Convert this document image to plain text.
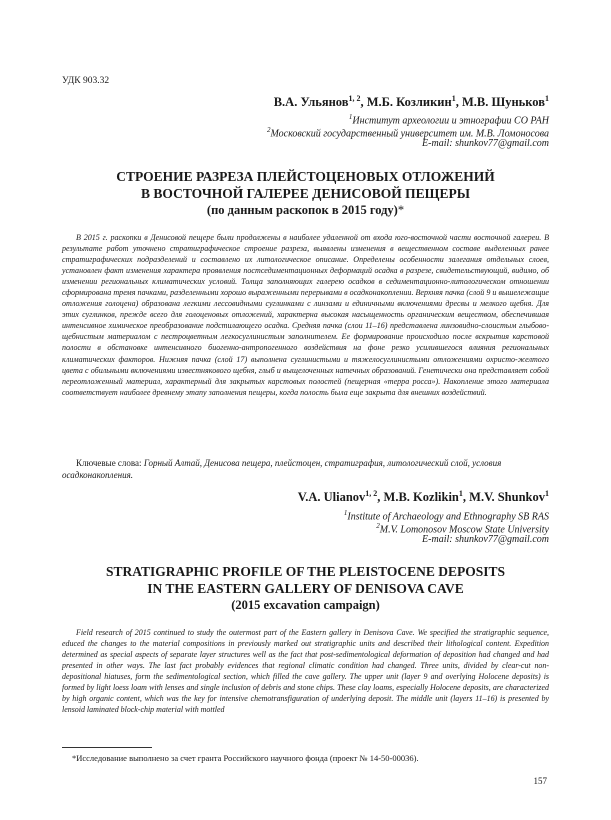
УДК 903.32
В.А. Ульянов$^{1, 2}$, М.Б. Козликин$^1$, М.В. Шуньков$^1$
$^1$Институт археологии и этнографии СО РАН
$^2$Московский государственный университет им. М.В. Ломоносова
E-mail: shunkov77@gmail.com
СТРОЕНИЕ РАЗРЕЗА ПЛЕЙСТОЦЕНОВЫХ ОТЛОЖЕНИЙ
В ВОСТОЧНОЙ ГАЛЕРЕЕ ДЕНИСОВОЙ ПЕЩЕРЫ
(по данным раскопок в 2015 году)*
В 2015 г. раскопки в Денисовой пещере были продолжены в наиболее удаленной от входа юго-восточной части восточной галереи. В результате работ уточнено стратиграфическое строение разреза, выявлены изменения в вещественном составе выделенных ранее стратиграфических подразделений и составлено их литологическое описание. Определены особенности залегания отдельных слоев, установлен факт изменения характера проявления постседиментационных деформаций осадка в разрезе, свидетельствующий, видимо, об изменении региональных климатических условий. Толща заполняющих галерею осадков в седиментационно-литологическом отношении сформирована тремя пачками, разделенными хорошо выраженными перерывами в осадконакоплении. Верхняя пачка (слой 9 и вышележащие отложения голоцена) образована легкими лессовидными суглинками с линзами и единичными включениями дресвы и мелкого щебня. Для этих суглинков, прежде всего для голоценовых отложений, характерна высокая насыщенность органическим веществом, обеспечившая интенсивное химическое преобразование подстилающего осадка. Средняя пачка (слои 11–16) представлена линзовидно-слоистым глыбово-щебнистым материалом с пестроцветным легкосуглинистым заполнителем. Ее формирование происходило после вскрытия карстовой полости в обстановке интенсивного биогенно-антропогенного воздействия на фоне резко усилившегося влияния региональных климатических факторов. Нижняя пачка (слой 17) выполнена суглинистыми и тяжелосуглинистыми отложениями охристо-желтого цвета с обильными включениями известнякового щебня, глыб и выщелоченных натечных образований. Генетически она представляет собой переотложенный материал, характерный для закрытых карстовых полостей (пещерная «терра росса»). Накопление этого материала соответствует наиболее древнему этапу заполнения пещеры, когда полость была еще закрыта для внешних воздействий.
Ключевые слова: Горный Алтай, Денисова пещера, плейстоцен, стратиграфия, литологический слой, условия осадконакопления.
V.A. Ulianov$^{1, 2}$, M.B. Kozlikin$^1$, M.V. Shunkov$^1$
$^1$Institute of Archaeology and Ethnography SB RAS
$^2$M.V. Lomonosov Moscow State University
E-mail: shunkov77@gmail.com
STRATIGRAPHIC PROFILE OF THE PLEISTOCENE DEPOSITS
IN THE EASTERN GALLERY OF DENISOVA CAVE
(2015 excavation campaign)
Field research of 2015 continued to study the outermost part of the Eastern gallery in Denisova Cave. We specified the stratigraphic sequence, educed the changes to the material compositions in previously marked out stratigraphic units and described their lithological content. Expedition determined as special aspects of separate layer structures well as the fact that post-sedimentological deformation of deposition had changed and had presented in other ways. The last fact probably evidences that regional climatic condition had changed. Three units, divided by clear-cut non-depositional hiatuses, form the sedimentological section, which filled the cave gallery. The upper unit (layer 9 and overlying Holocene deposits) is formed by light loess loam with lenses and single inclusion of debris and stone chips. These clay loams, especially Holocene deposits, are characterized by high organic content, which was the key for intensive chemotransfiguration of underlying deposit. The middle unit (layers 11–16) is presented by lensoid laminated block-chip material with mottled
*Исследование выполнено за счет гранта Российского научного фонда (проект № 14-50-00036).
157
